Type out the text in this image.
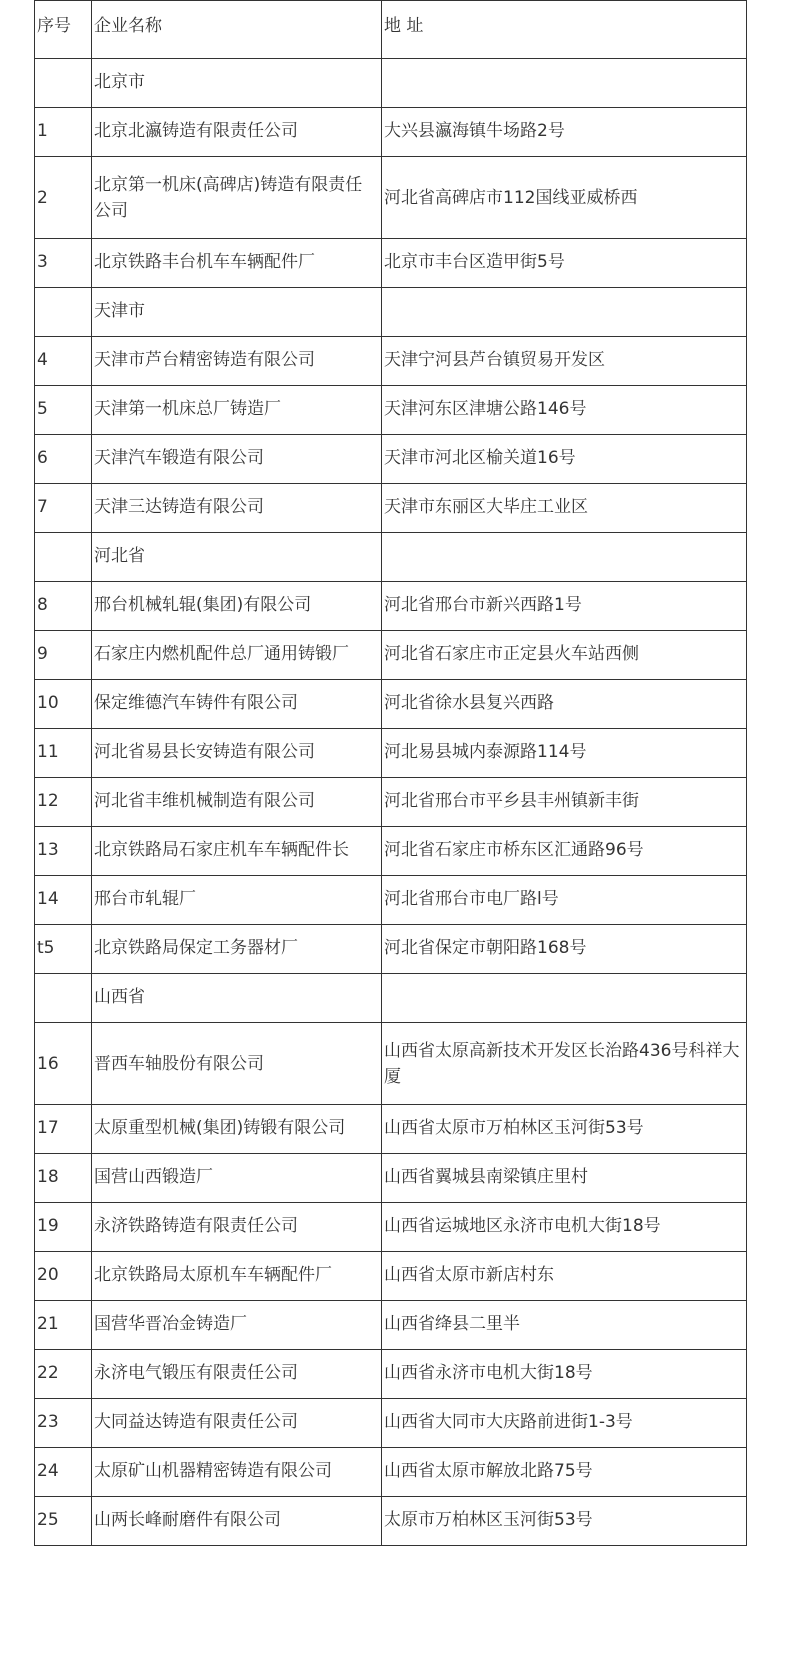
序号	企业名称	地 址
	北京市	
1	北京北瀛铸造有限责任公司	大兴县瀛海镇牛场路2号
2	北京第一机床(高碑店)铸造有限责任公司	河北省高碑店市112国线亚威桥西
3	北京铁路丰台机车车辆配件厂	北京市丰台区造甲街5号
	天津市	
4	天津市芦台精密铸造有限公司	天津宁河县芦台镇贸易开发区
5	天津第一机床总厂铸造厂	天津河东区津塘公路146号
6	天津汽车锻造有限公司	天津市河北区榆关道16号
7	天津三达铸造有限公司	天津市东丽区大毕庄工业区
	河北省	
8	邢台机械轧辊(集团)有限公司	河北省邢台市新兴西路1号
9	石家庄内燃机配件总厂通用铸锻厂	河北省石家庄市正定县火车站西侧
10	保定维德汽车铸件有限公司	河北省徐水县复兴西路
11	河北省易县长安铸造有限公司	河北易县城内泰源路114号
12	河北省丰维机械制造有限公司	河北省邢台市平乡县丰州镇新丰街
13	北京铁路局石家庄机车车辆配件长	河北省石家庄市桥东区汇通路96号
14	邢台市轧辊厂	河北省邢台市电厂路l号
t5	北京铁路局保定工务器材厂	河北省保定市朝阳路168号
	山西省	
16	晋西车轴股份有限公司	山西省太原高新技术开发区长治路436号科祥大厦
17	太原重型机械(集团)铸锻有限公司	山西省太原市万柏林区玉河街53号
18	国营山西锻造厂	山西省翼城县南梁镇庄里村
19	永济铁路铸造有限责任公司	山西省运城地区永济市电机大街18号
20	北京铁路局太原机车车辆配件厂	山西省太原市新店村东
21	国营华晋冶金铸造厂	山西省绛县二里半
22	永济电气锻压有限责任公司	山西省永济市电机大街18号
23	大同益达铸造有限责任公司	山西省大同市大庆路前进街1-3号
24	太原矿山机器精密铸造有限公司	山西省太原市解放北路75号
25	山两长峰耐磨件有限公司	太原市万柏林区玉河街53号
